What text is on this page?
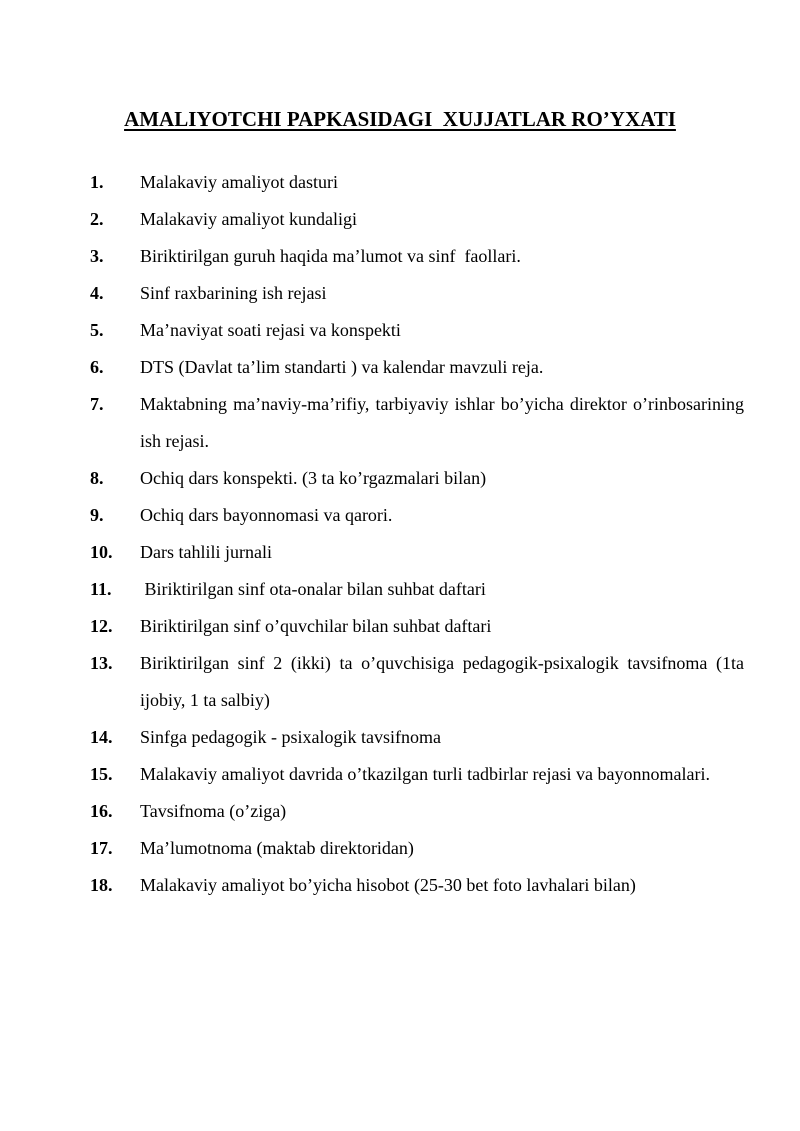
AMALIYOTCHI PAPKASIDAGI  XUJJATLAR RO’YXATI
1. Malakaviy amaliyot dasturi
2. Malakaviy amaliyot kundaligi
3. Biriktirilgan guruh haqida ma’lumot va sinf  faollari.
4. Sinf raxbarining ish rejasi
5. Ma’naviyat soati rejasi va konspekti
6. DTS (Davlat ta’lim standarti ) va kalendar mavzuli reja.
7. Maktabning ma’naviy-ma’rifiy, tarbiyaviy ishlar bo’yicha direktor o’rinbosarining ish rejasi.
8. Ochiq dars konspekti. (3 ta ko’rgazmalari bilan)
9. Ochiq dars bayonnomasi va qarori.
10. Dars tahlili jurnali
11. Biriktirilgan sinf ota-onalar bilan suhbat daftari
12. Biriktirilgan sinf o’quvchilar bilan suhbat daftari
13. Biriktirilgan sinf 2 (ikki) ta o’quvchisiga pedagogik-psixalogik tavsifnoma (1ta ijobiy, 1 ta salbiy)
14. Sinfga pedagogik - psixalogik tavsifnoma
15. Malakaviy amaliyot davrida o’tkazilgan turli tadbirlar rejasi va bayonnomalari.
16. Tavsifnoma (o’ziga)
17. Ma’lumotnoma (maktab direktoridan)
18. Malakaviy amaliyot bo’yicha hisobot (25-30 bet foto lavhalari bilan)
